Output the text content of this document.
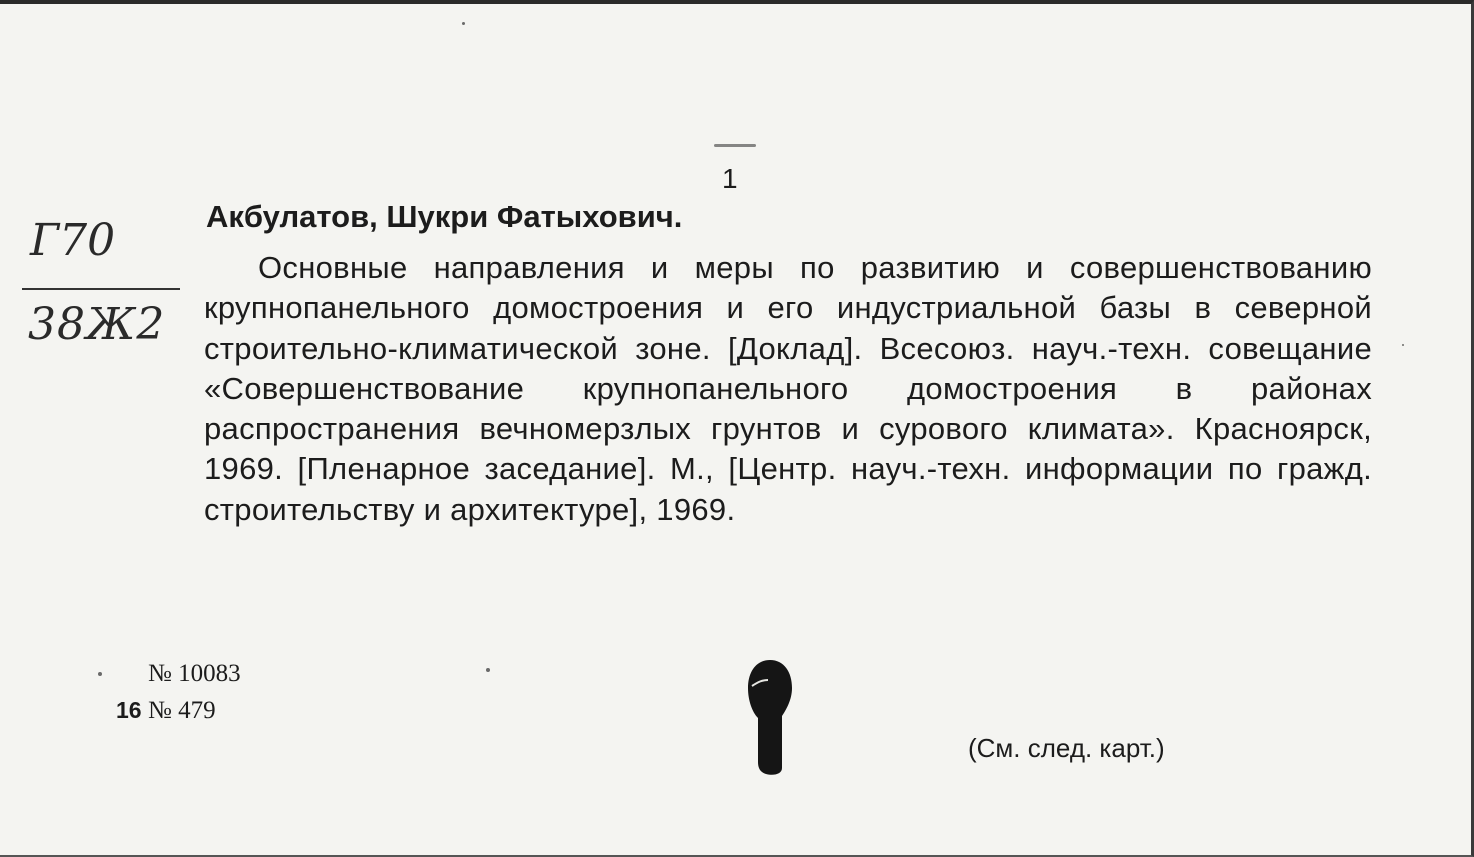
1
Г70
38Ж2
Акбулатов, Шукри Фатыхович.
Основные направления и меры по развитию и совершенствованию крупнопанельного домостроения и его индустриальной базы в северной строительно-климатической зоне. [Доклад]. Всесоюз. науч.-техн. совещание «Совершенствование крупнопанельного домостроения в районах распространения вечномерзлых грунтов и сурового климата». Красноярск, 1969. [Пленарное заседание]. М., [Центр. науч.-техн. информации по гражд. строительству и архитектуре], 1969.
№ 10083
16 № 479
(См. след. карт.)
